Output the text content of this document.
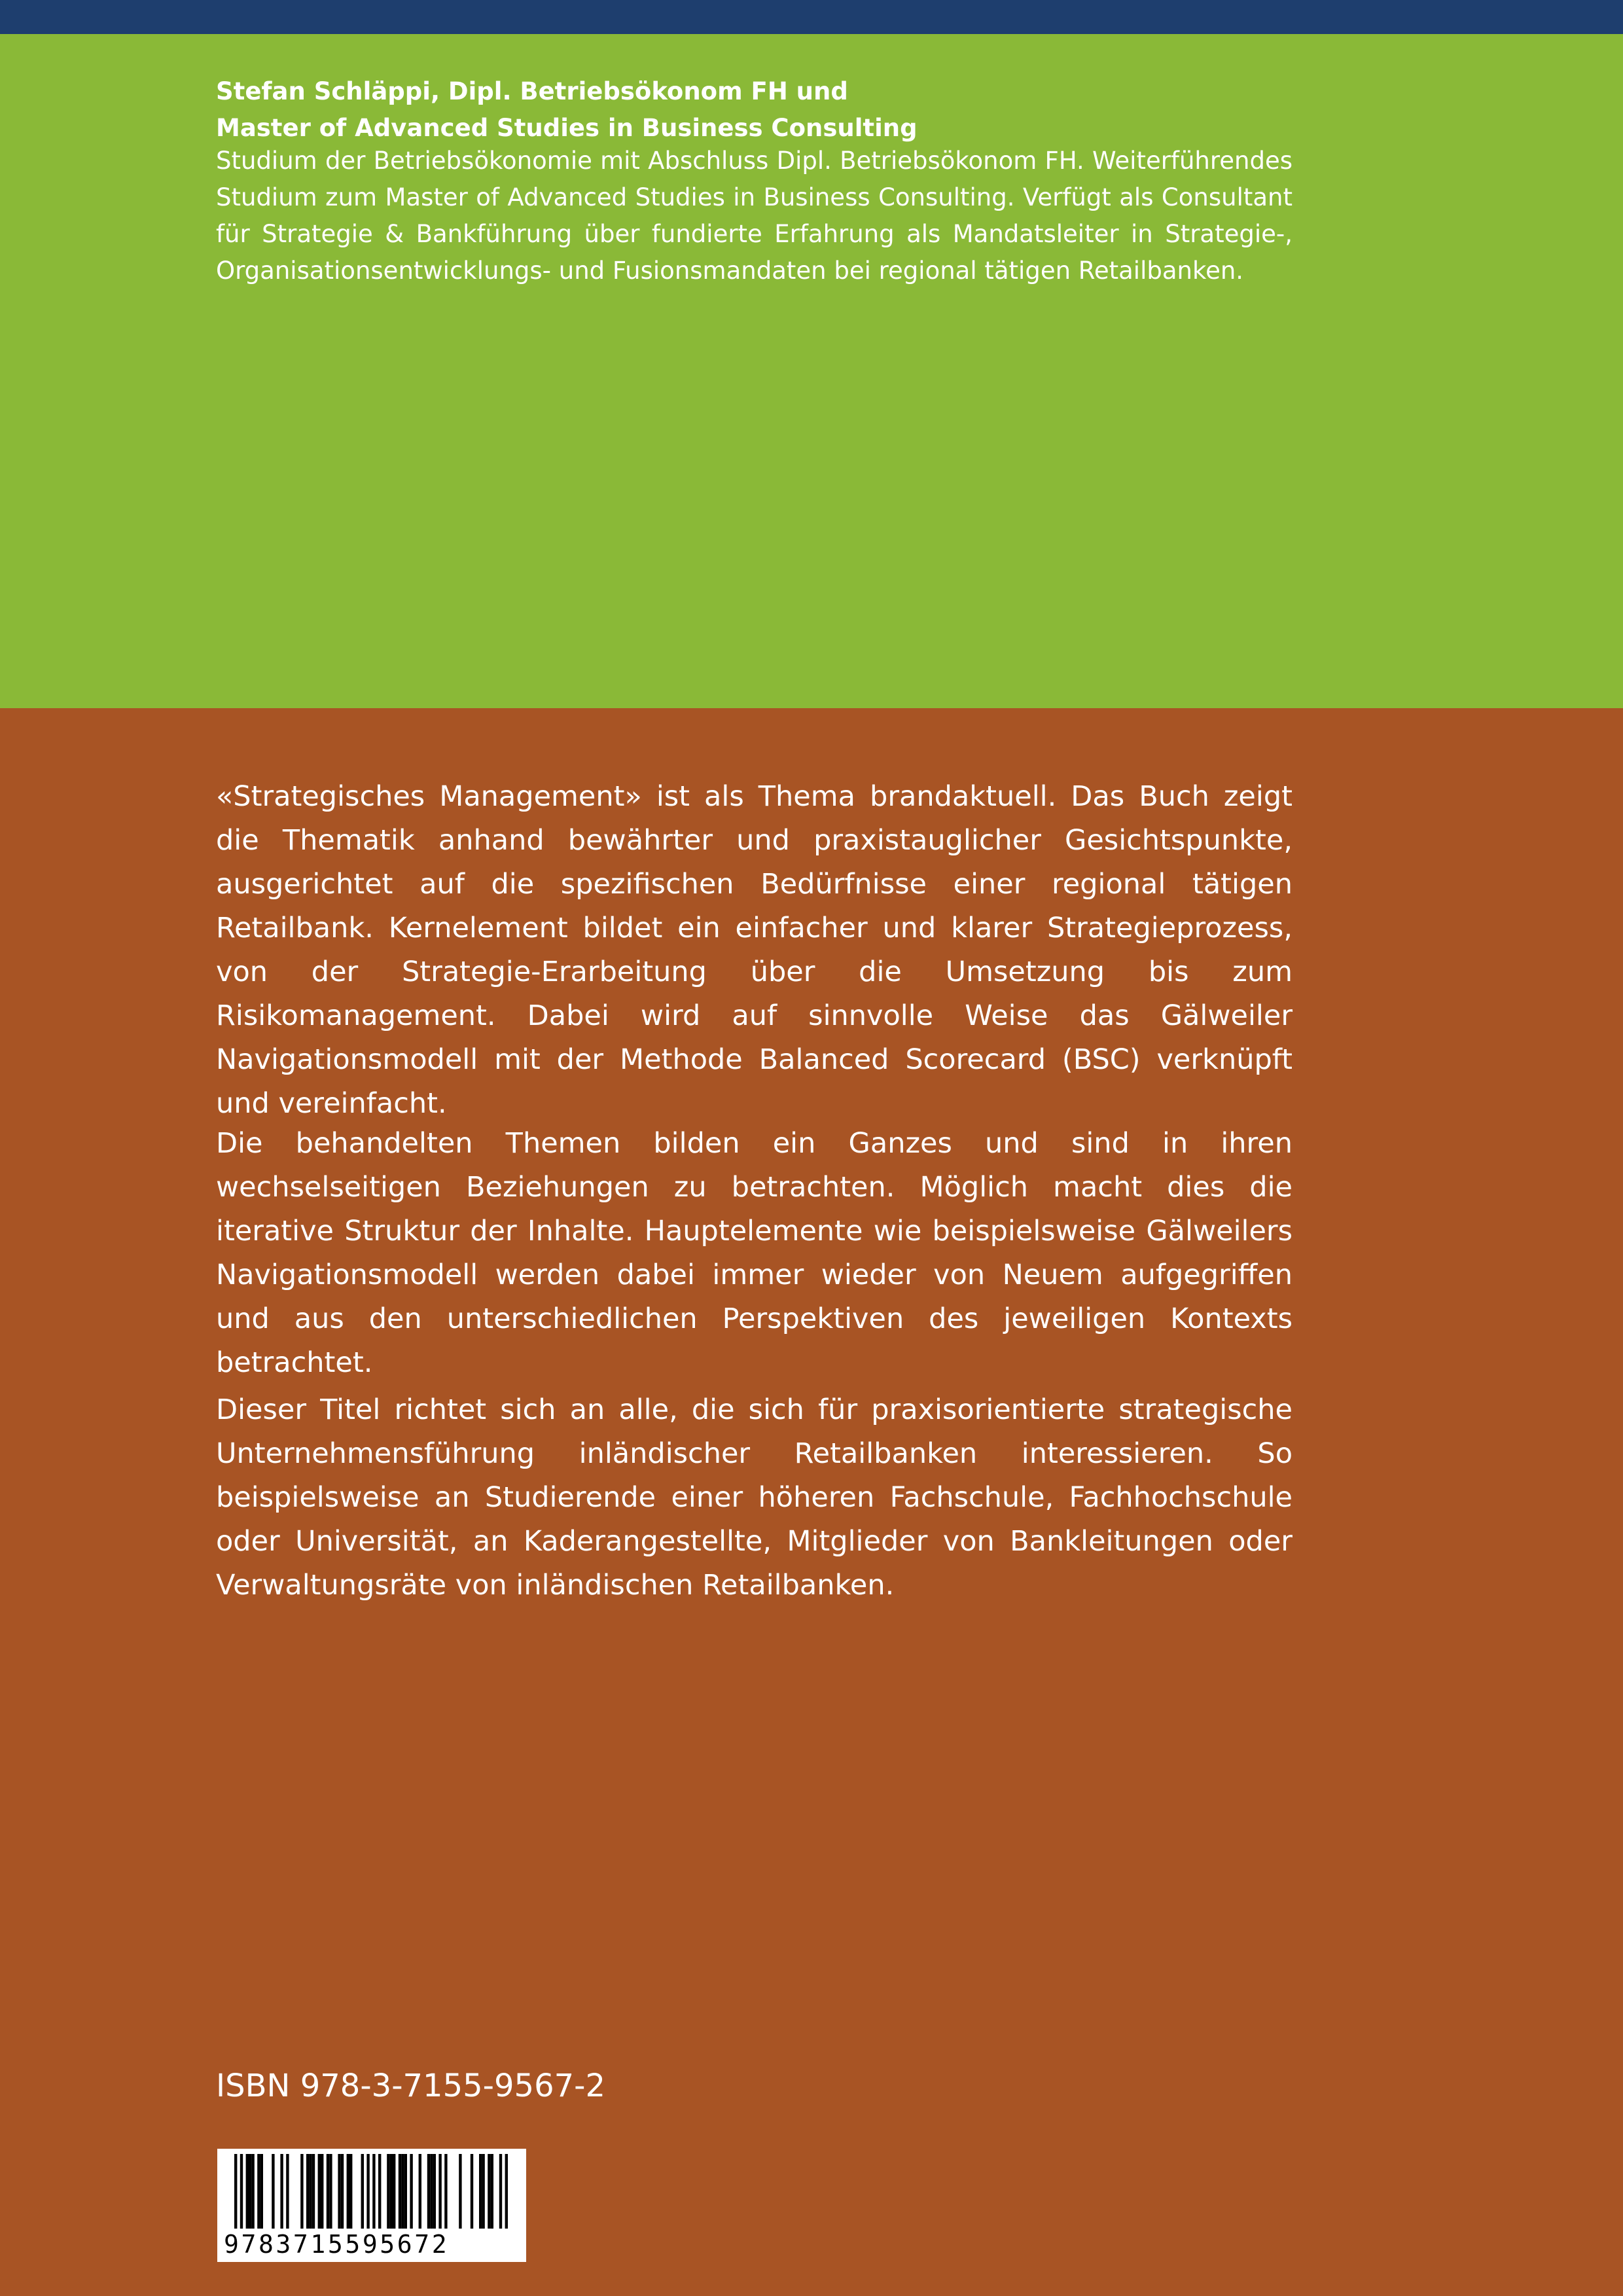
Stefan Schläppi, Dipl. Betriebsökonom FH und
Master of Advanced Studies in Business Consulting

Studium der Betriebsökonomie mit Abschluss Dipl. Betriebsökonom FH. Weiterführendes Studium zum Master of Advanced Studies in Business Consulting. Verfügt als Consultant für Strategie & Bankführung über fundierte Erfahrung als Mandatsleiter in Strategie-, Organisationsentwicklungs- und Fusionsmandaten bei regional tätigen Retailbanken.

«Strategisches Management» ist als Thema brandaktuell. Das Buch zeigt die Thematik anhand bewährter und praxistauglicher Gesichtspunkte, ausgerichtet auf die spezifischen Bedürfnisse einer regional tätigen Retailbank. Kernelement bildet ein einfacher und klarer Strategieprozess, von der Strategie-Erarbeitung über die Umsetzung bis zum Risikomanagement. Dabei wird auf sinnvolle Weise das Gälweiler Navigationsmodell mit der Methode Balanced Scorecard (BSC) verknüpft und vereinfacht.

Die behandelten Themen bilden ein Ganzes und sind in ihren wechselseitigen Beziehungen zu betrachten. Möglich macht dies die iterative Struktur der Inhalte. Hauptelemente wie beispielsweise Gälweilers Navigationsmodell werden dabei immer wieder von Neuem aufgegriffen und aus den unterschiedlichen Perspektiven des jeweiligen Kontexts betrachtet.

Dieser Titel richtet sich an alle, die sich für praxisorientierte strategische Unternehmensführung inländischer Retailbanken interessieren. So beispielsweise an Studierende einer höheren Fachschule, Fachhochschule oder Universität, an Kaderangestellte, Mitglieder von Bankleitungen oder Verwaltungsräte von inländischen Retailbanken.

ISBN 978-3-7155-9567-2

9783715595672
